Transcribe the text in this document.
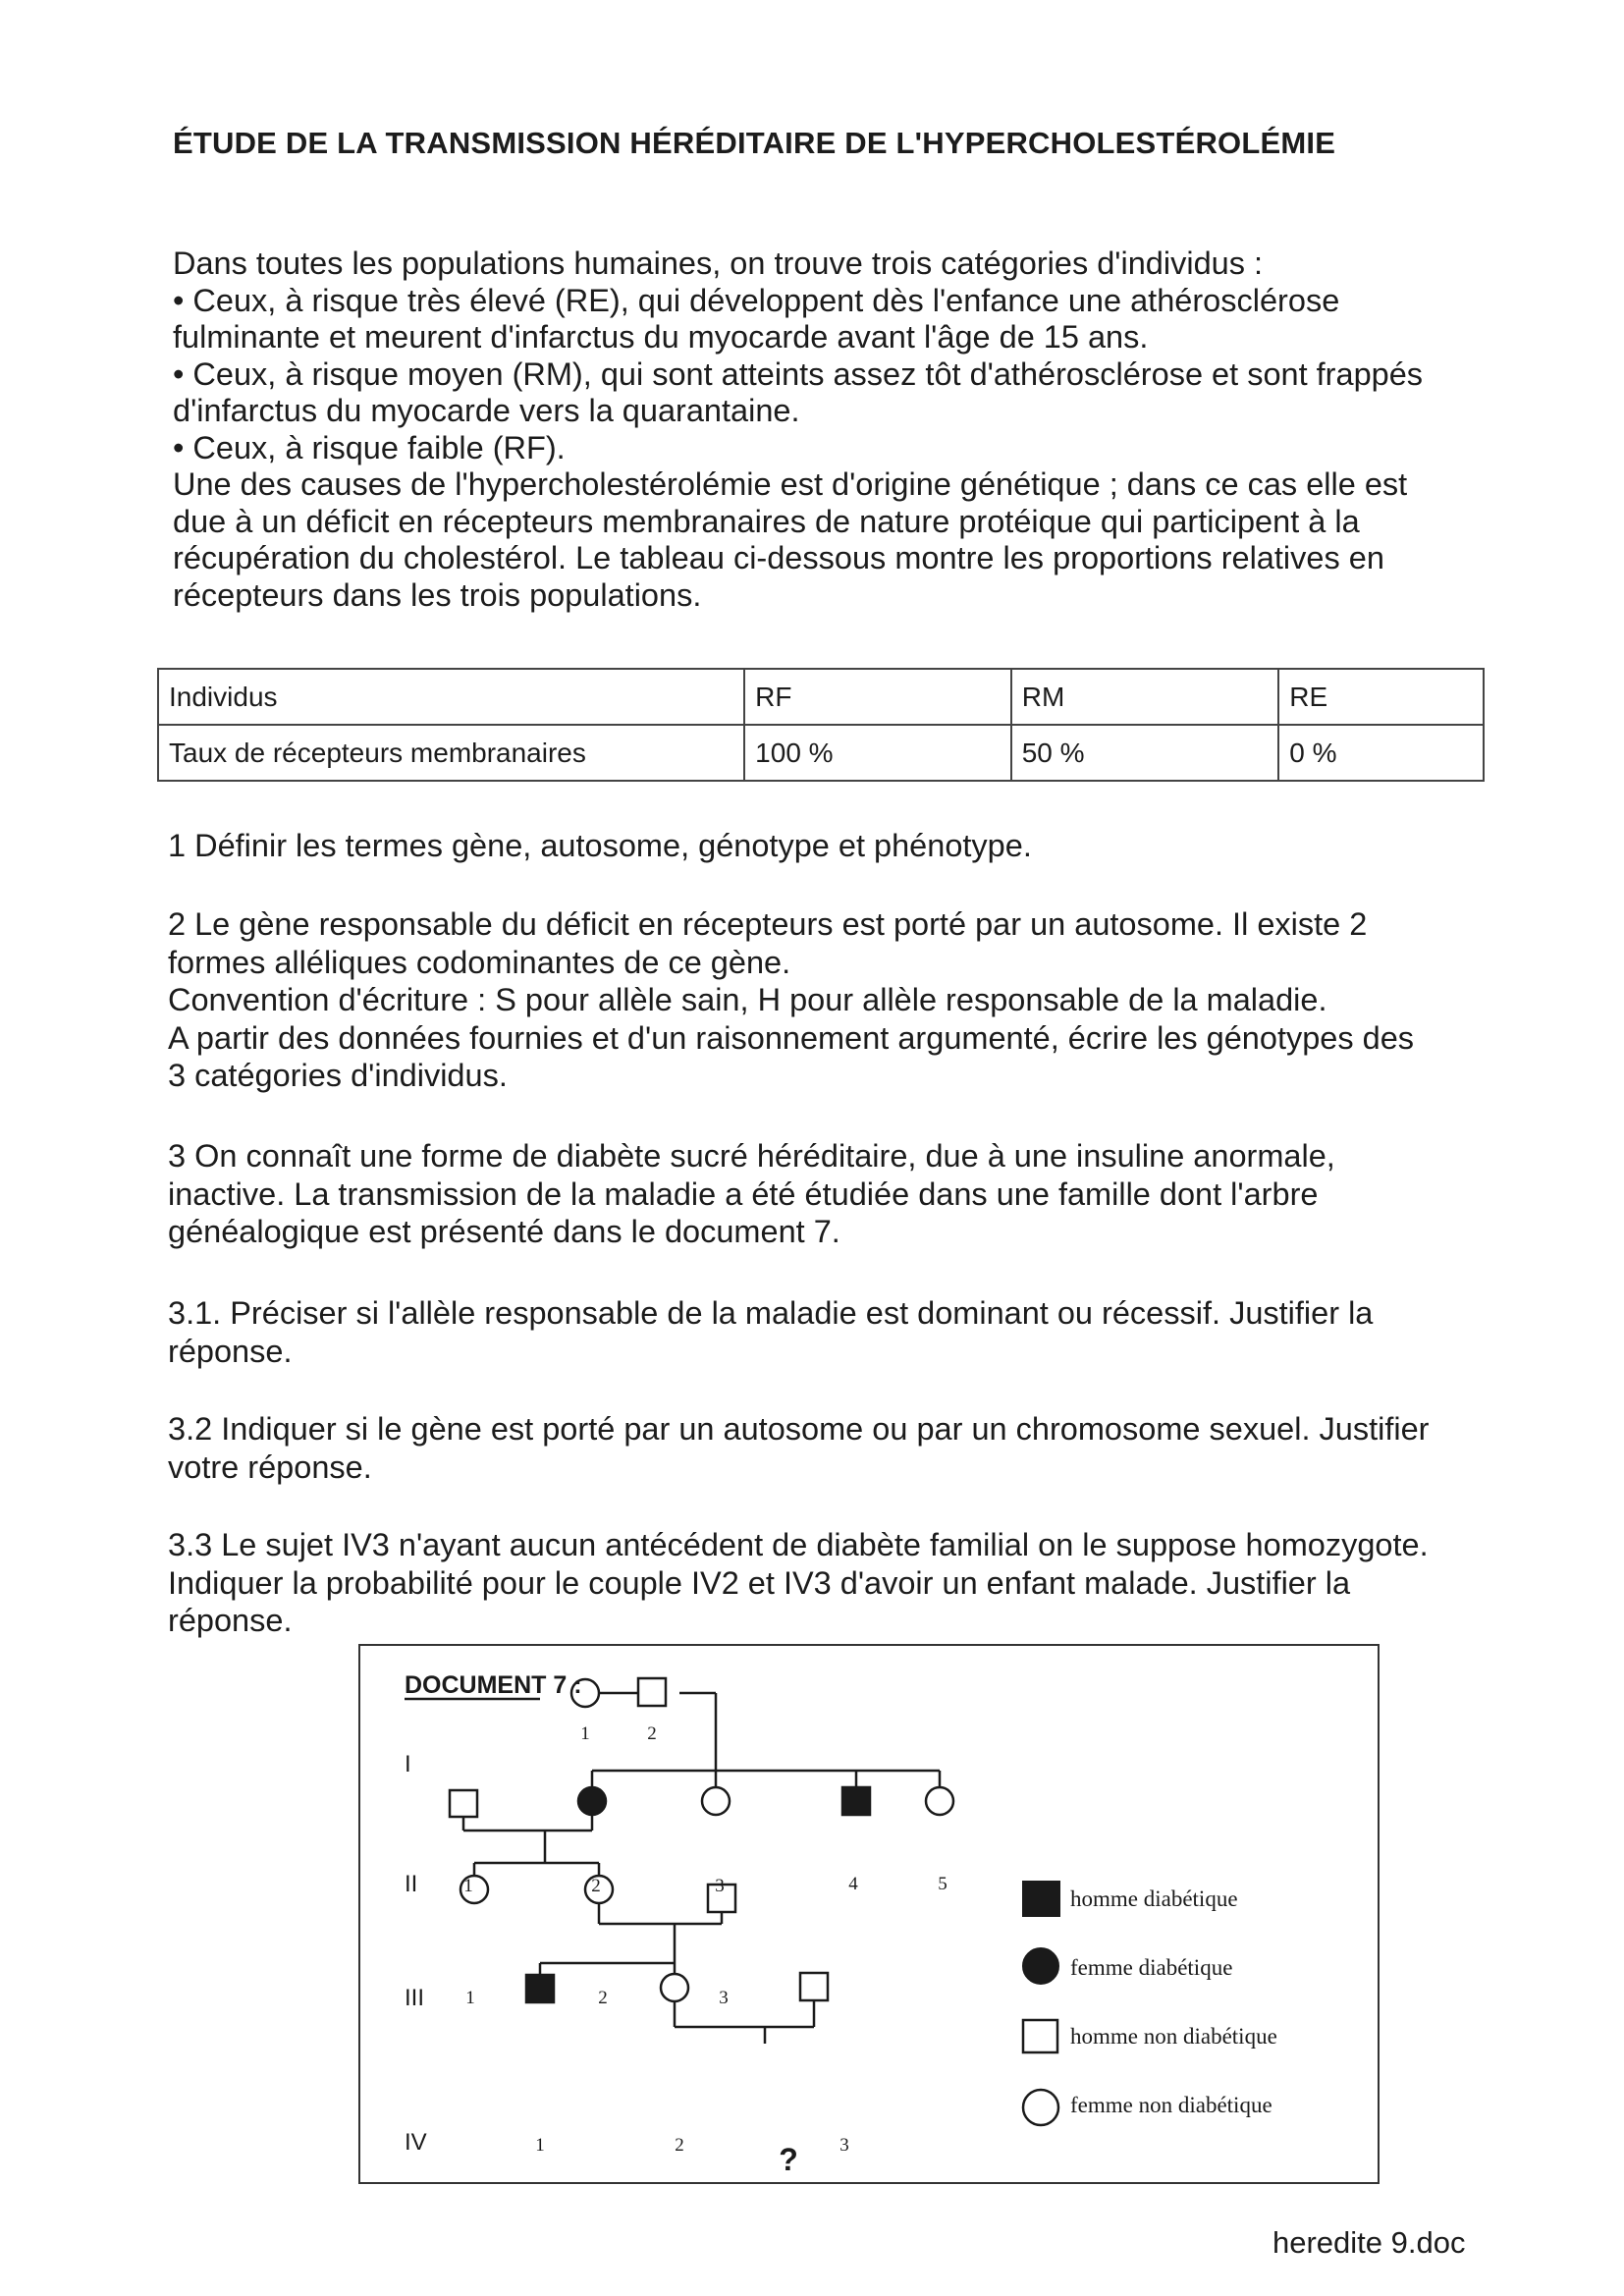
ÉTUDE DE LA TRANSMISSION HÉRÉDITAIRE DE L'HYPERCHOLESTÉROLÉMIE
Dans toutes les populations humaines, on trouve trois catégories d'individus :
• Ceux, à risque très élevé (RE), qui développent dès l'enfance une athérosclérose
fulminante et meurent d'infarctus du myocarde avant l'âge de 15 ans.
• Ceux, à risque moyen (RM), qui sont atteints assez tôt d'athérosclérose et sont frappés
d'infarctus du myocarde vers la quarantaine.
• Ceux, à risque faible (RF).
Une des causes de l'hypercholestérolémie est d'origine génétique ; dans ce cas elle est
due à un déficit en récepteurs membranaires de nature protéique qui participent à la
récupération du cholestérol. Le tableau ci-dessous montre les proportions relatives en
récepteurs dans les trois populations.
Individus	RF	RM	RE
Taux de récepteurs membranaires	100 %	50 %	0 %
1 Définir les termes gène, autosome, génotype et phénotype.
2 Le gène responsable du déficit en récepteurs est porté par un autosome. Il existe 2
formes alléliques codominantes de ce gène.
Convention d'écriture : S pour allèle sain, H pour allèle responsable de la maladie.
A partir des données fournies et d'un raisonnement argumenté, écrire les génotypes des
3 catégories d'individus.
3 On connaît une forme de diabète sucré héréditaire, due à une insuline anormale,
inactive. La transmission de la maladie a été étudiée dans une famille dont l'arbre
généalogique est présenté dans le document 7.
3.1. Préciser si l'allèle responsable de la maladie est dominant ou récessif. Justifier la
réponse.
3.2 Indiquer si le gène est porté par un autosome ou par un chromosome sexuel. Justifier
votre réponse.
3.3 Le sujet IV3 n'ayant aucun antécédent de diabète familial on le suppose homozygote.
Indiquer la probabilité pour le couple IV2 et IV3 d'avoir un enfant malade. Justifier la
réponse.
DOCUMENT 7 :
I
II
III
IV
1	2
1	2	3	4	5
1	2	3
1	2	3
?
homme diabétique
femme diabétique
homme non diabétique
femme non diabétique
heredite 9.doc
